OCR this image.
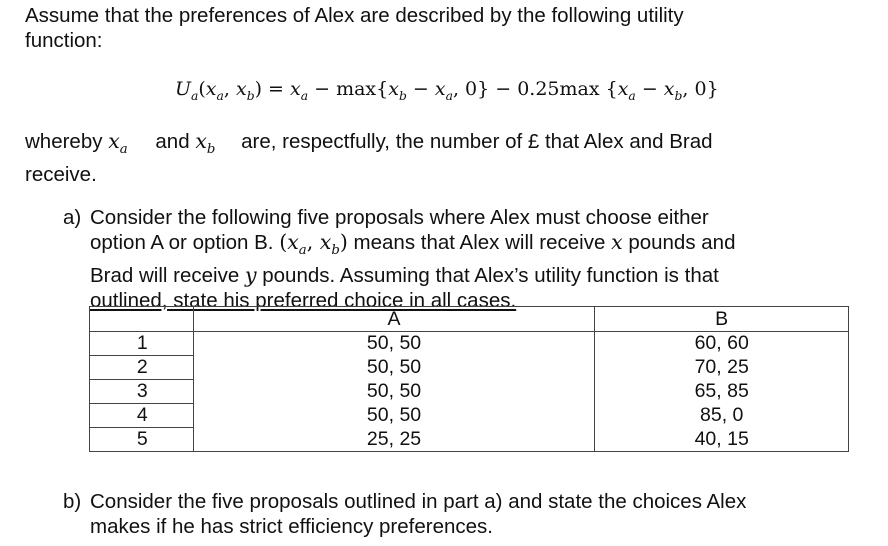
Assume that the preferences of Alex are described by the following utility
function:
$U_a(x_a$, $x_b) = x_a - \max\{x_b - x_a$, 0} − 0.25max {$x_a - x_b$, 0}
whereby $x_a$ and $x_b$ are, respectfully, the number of £ that Alex and Brad
receive.
a) Consider the following five proposals where Alex must choose either
option A or option B. ($x_a$, $x_b$) means that Alex will receive x pounds and
Brad will receive y pounds. Assuming that Alex’s utility function is that
outlined, state his preferred choice in all cases.
	A	B
1	50, 50	60, 60
2	50, 50	70, 25
3	50, 50	65, 85
4	50, 50	85, 0
5	25, 25	40, 15
b) Consider the five proposals outlined in part a) and state the choices Alex
makes if he has strict efficiency preferences.
